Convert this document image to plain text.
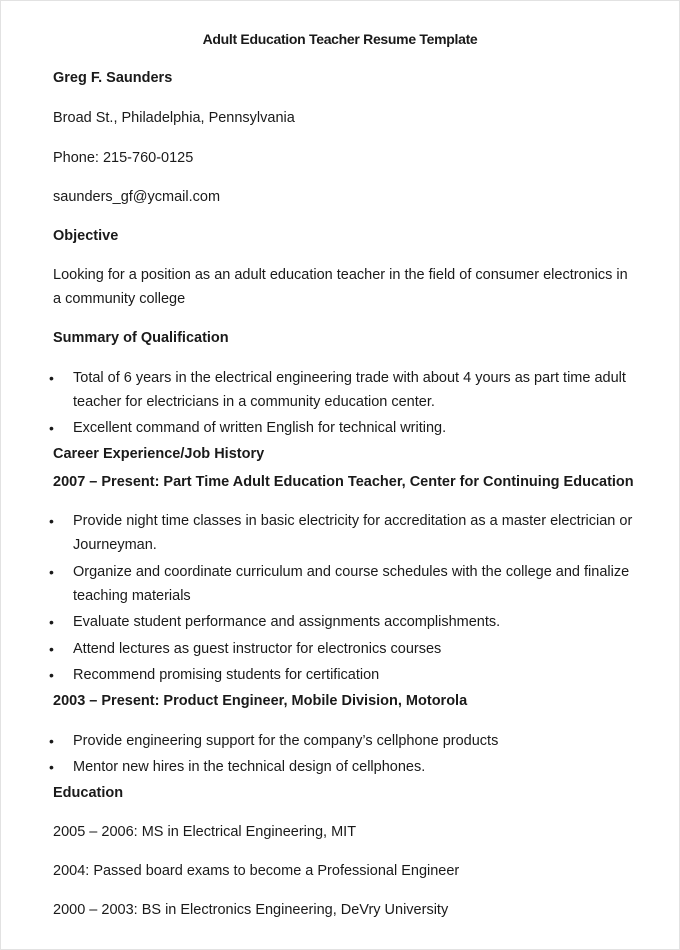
Adult Education Teacher Resume Template
Greg F. Saunders
Broad St., Philadelphia, Pennsylvania
Phone: 215-760-0125
saunders_gf@ycmail.com
Objective
Looking for a position as an adult education teacher in the field of consumer electronics in a community college
Summary of Qualification
• Total of 6 years in the electrical engineering trade with about 4 yours as part time adult teacher for electricians in a community education center.
• Excellent command of written English for technical writing.
Career Experience/Job History
2007 – Present: Part Time Adult Education Teacher, Center for Continuing Education
• Provide night time classes in basic electricity for accreditation as a master electrician or Journeyman.
• Organize and coordinate curriculum and course schedules with the college and finalize teaching materials
• Evaluate student performance and assignments accomplishments.
• Attend lectures as guest instructor for electronics courses
• Recommend promising students for certification
2003 – Present: Product Engineer, Mobile Division, Motorola
• Provide engineering support for the company’s cellphone products
• Mentor new hires in the technical design of cellphones.
Education
2005 – 2006: MS in Electrical Engineering, MIT
2004: Passed board exams to become a Professional Engineer
2000 – 2003: BS in Electronics Engineering, DeVry University
